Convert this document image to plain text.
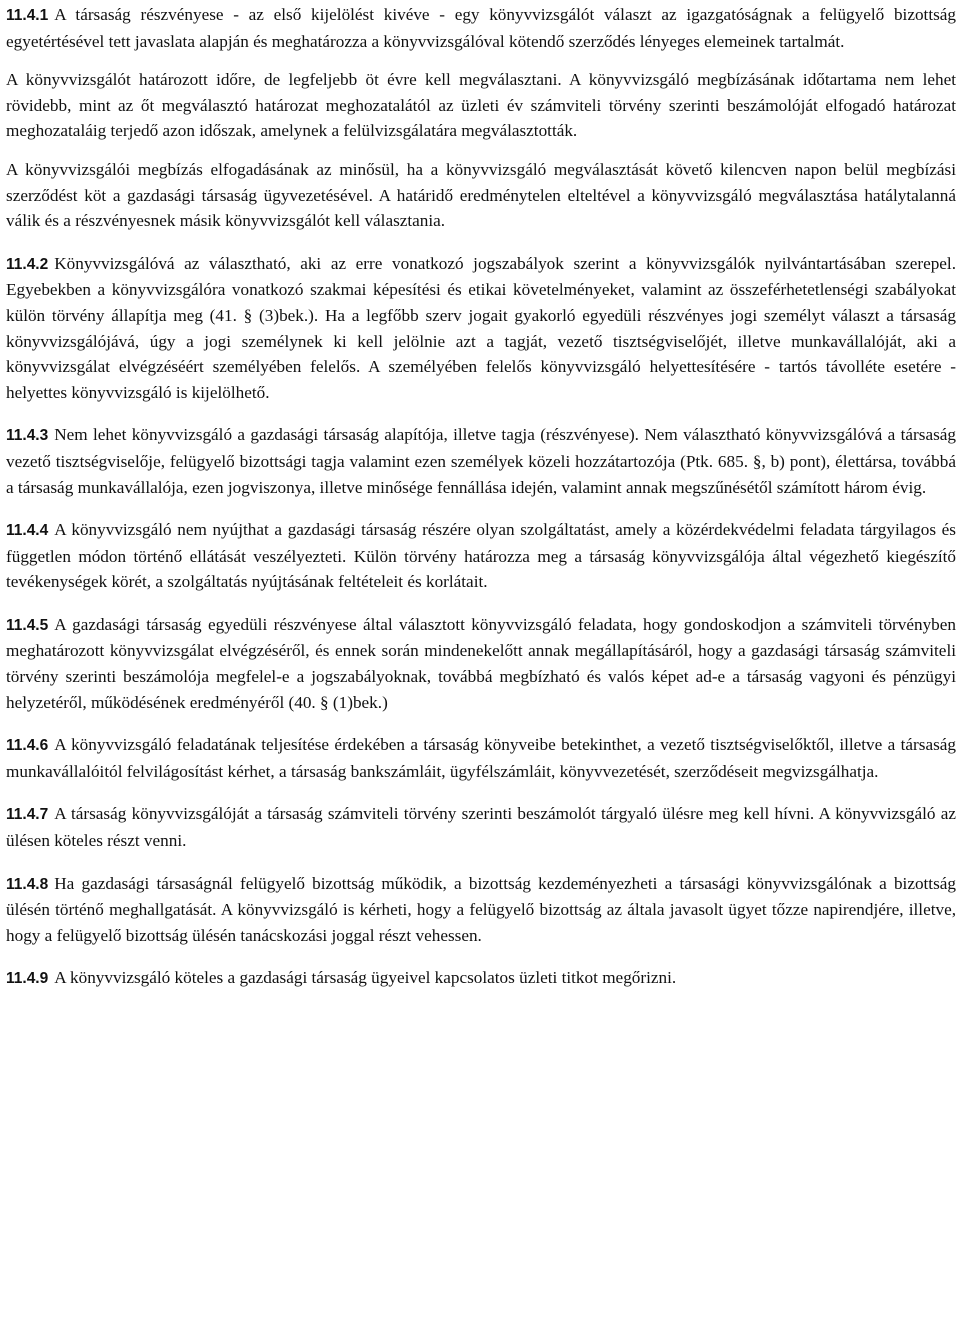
11.4.1 A társaság részvényese - az első kijelölést kivéve - egy könyvvizsgálót választ az igazgatóságnak a felügyelő bizottság egyetértésével tett javaslata alapján és meghatározza a könyvvizsgálóval kötendő szerződés lényeges elemeinek tartalmát.

A könyvvizsgálót határozott időre, de legfeljebb öt évre kell megválasztani. A könyvvizsgáló megbízásának időtartama nem lehet rövidebb, mint az őt megválasztó határozat meghozatalától az üzleti év számviteli törvény szerinti beszámolóját elfogadó határozat meghozataláig terjedő azon időszak, amelynek a felülvizsgálatára megválasztották.

A könyvvizsgálói megbízás elfogadásának az minősül, ha a könyvvizsgáló megválasztását követő kilencven napon belül megbízási szerződést köt a gazdasági társaság ügyvezetésével. A határidő eredménytelen elteltével a könyvvizsgáló megválasztása hatálytalanná válik és a részvényesnek másik könyvvizsgálót kell választania.

11.4.2 Könyvvizsgálóvá az választható, aki az erre vonatkozó jogszabályok szerint a könyvvizsgálók nyilvántartásában szerepel. Egyebekben a könyvvizsgálóra vonatkozó szakmai képesítési és etikai követelményeket, valamint az összeférhetetlenségi szabályokat külön törvény állapítja meg (41. § (3)bek.). Ha a legfőbb szerv jogait gyakorló egyedüli részvényes jogi személyt választ a társaság könyvvizsgálójává, úgy a jogi személynek ki kell jelölnie azt a tagját, vezető tisztségviselőjét, illetve munkavállalóját, aki a könyvvizsgálat elvégzéséért személyében felelős. A személyében felelős könyvvizsgáló helyettesítésére - tartós távolléte esetére - helyettes könyvvizsgáló is kijelölhető.

11.4.3 Nem lehet könyvvizsgáló a gazdasági társaság alapítója, illetve tagja (részvényese). Nem választható könyvvizsgálóvá a társaság vezető tisztségviselője, felügyelő bizottsági tagja valamint ezen személyek közeli hozzátartozója (Ptk. 685. §, b) pont), élettársa, továbbá a társaság munkavállalója, ezen jogviszonya, illetve minősége fennállása idején, valamint annak megszűnésétől számított három évig.

11.4.4 A könyvvizsgáló nem nyújthat a gazdasági társaság részére olyan szolgáltatást, amely a közérdekvédelmi feladata tárgyilagos és független módon történő ellátását veszélyezteti. Külön törvény határozza meg a társaság könyvvizsgálója által végezhető kiegészítő tevékenységek körét, a szolgáltatás nyújtásának feltételeit és korlátait.

11.4.5 A gazdasági társaság egyedüli részvényese által választott könyvvizsgáló feladata, hogy gondoskodjon a számviteli törvényben meghatározott könyvvizsgálat elvégzéséről, és ennek során mindenekelőtt annak megállapításáról, hogy a gazdasági társaság számviteli törvény szerinti beszámolója megfelel-e a jogszabályoknak, továbbá megbízható és valós képet ad-e a társaság vagyoni és pénzügyi helyzetéről, működésének eredményéről (40. § (1)bek.)

11.4.6 A könyvvizsgáló feladatának teljesítése érdekében a társaság könyveibe betekinthet, a vezető tisztségviselőktől, illetve a társaság munkavállalóitól felvilágosítást kérhet, a társaság bankszámláit, ügyfélszámláit, könyvvezetését, szerződéseit megvizsgálhatja.

11.4.7 A társaság könyvvizsgálóját a társaság számviteli törvény szerinti beszámolót tárgyaló ülésre meg kell hívni. A könyvvizsgáló az ülésen köteles részt venni.

11.4.8 Ha gazdasági társaságnál felügyelő bizottság működik, a bizottság kezdeményezheti a társasági könyvvizsgálónak a bizottság ülésén történő meghallgatását. A könyvvizsgáló is kérheti, hogy a felügyelő bizottság az általa javasolt ügyet tőzze napirendjére, illetve, hogy a felügyelő bizottság ülésén tanácskozási joggal részt vehessen.

11.4.9 A könyvvizsgáló köteles a gazdasági társaság ügyeivel kapcsolatos üzleti titkot megőrizni.
